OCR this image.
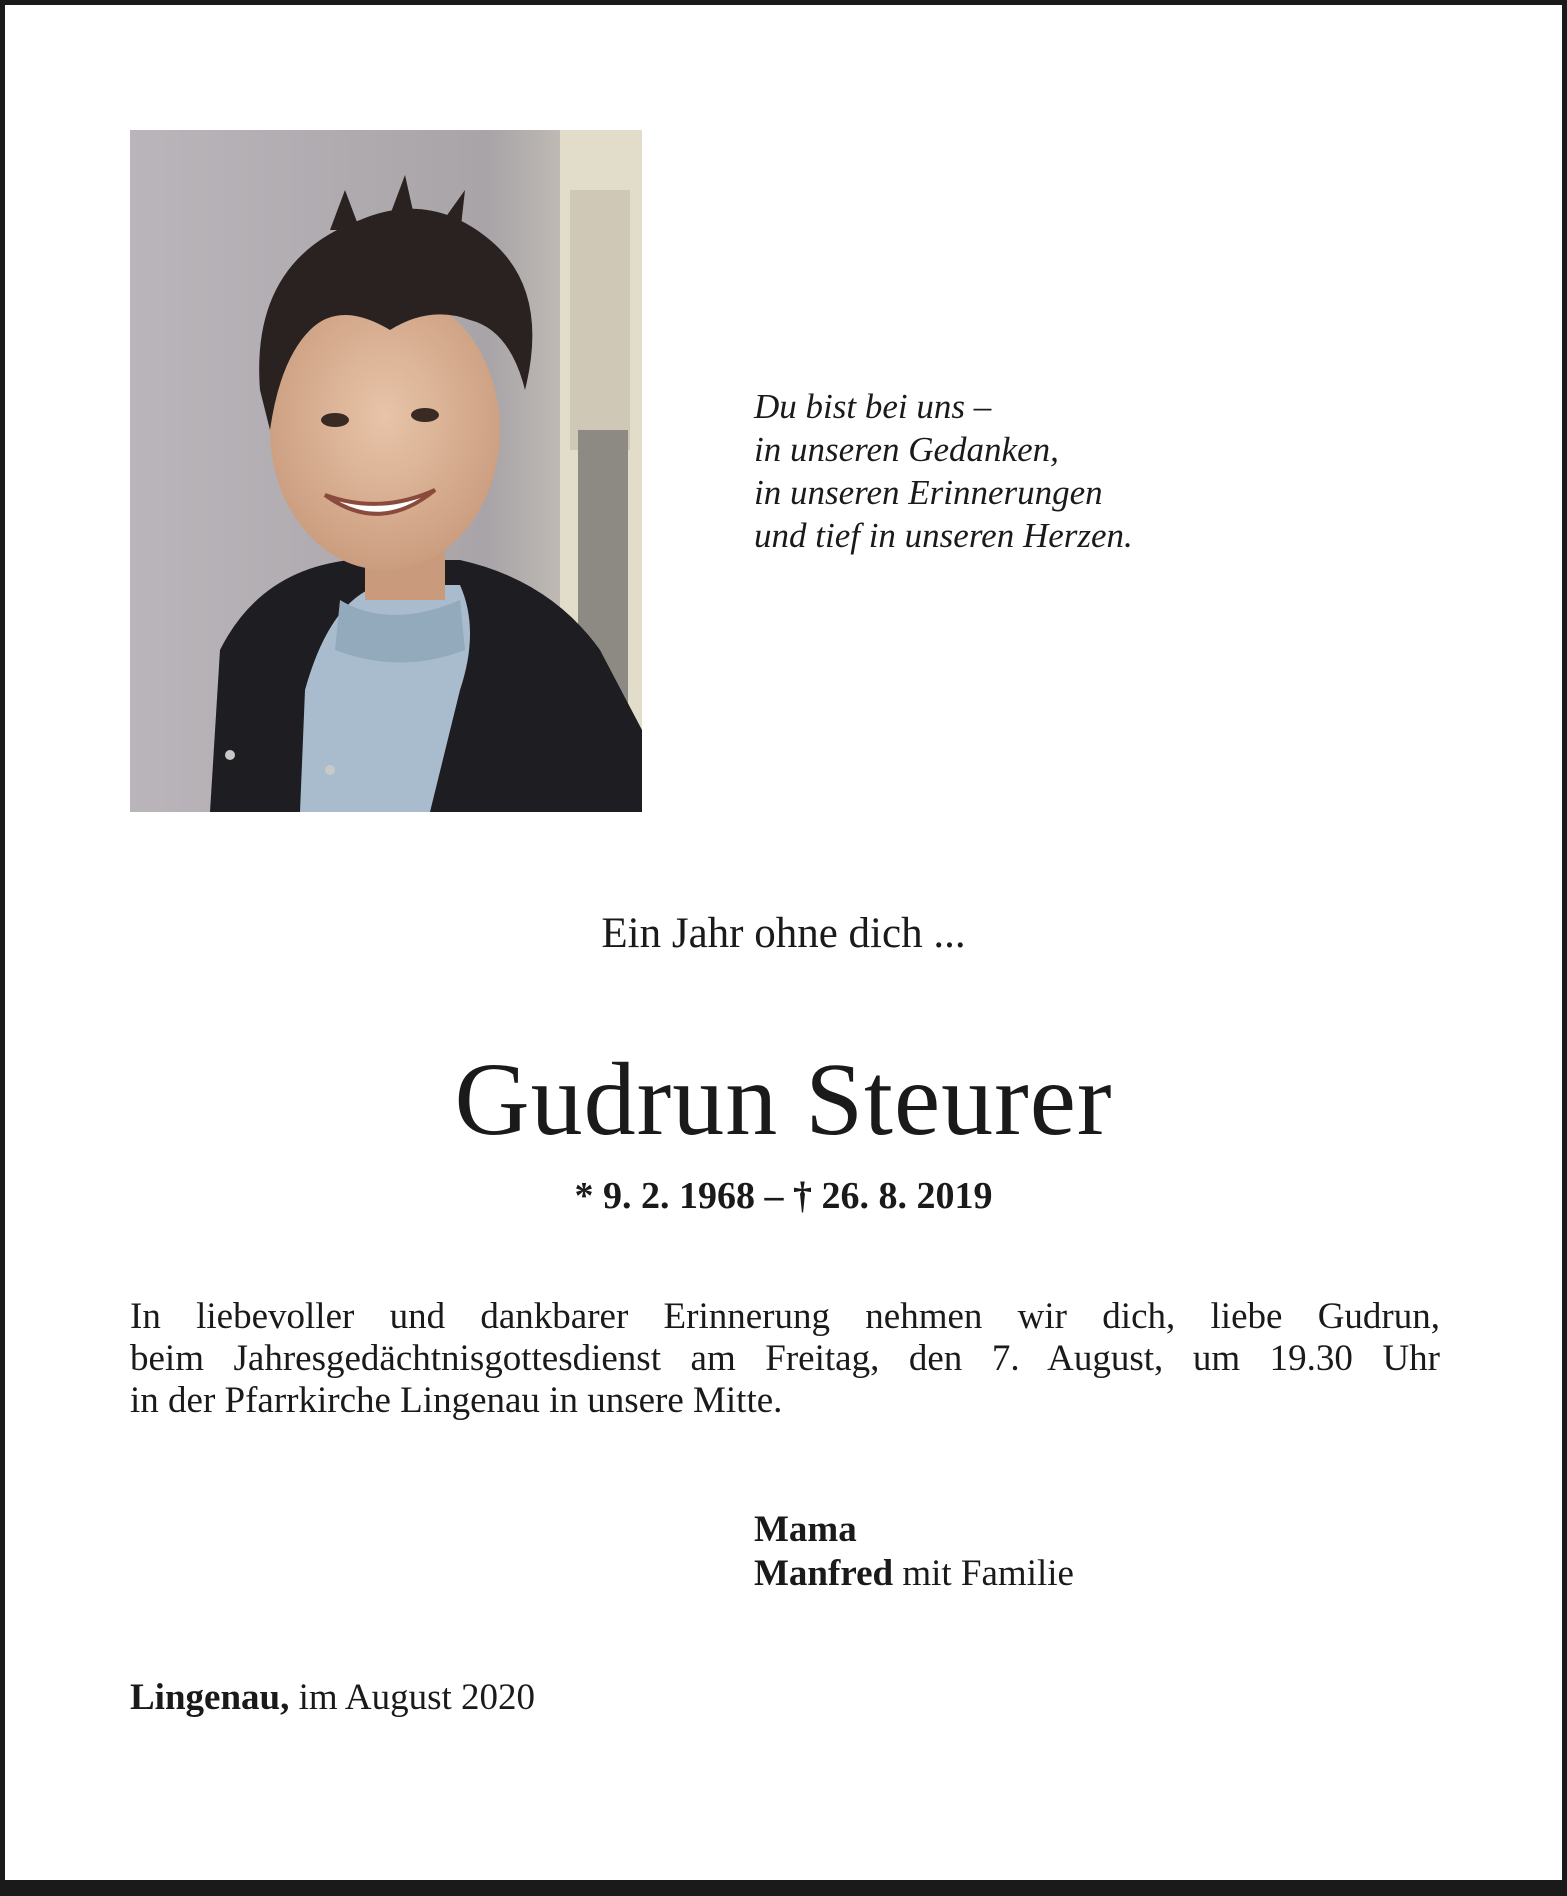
Du bist bei uns –
in unseren Gedanken,
in unseren Erinnerungen
und tief in unseren Herzen.
Ein Jahr ohne dich ...
Gudrun Steurer
* 9. 2. 1968 – † 26. 8. 2019
In liebevoller und dankbarer Erinnerung nehmen wir dich, liebe Gudrun,
beim Jahresgedächtnisgottesdienst am Freitag, den 7. August, um 19.30 Uhr
in der Pfarrkirche Lingenau in unsere Mitte.
Mama
Manfred mit Familie
Lingenau, im August 2020
